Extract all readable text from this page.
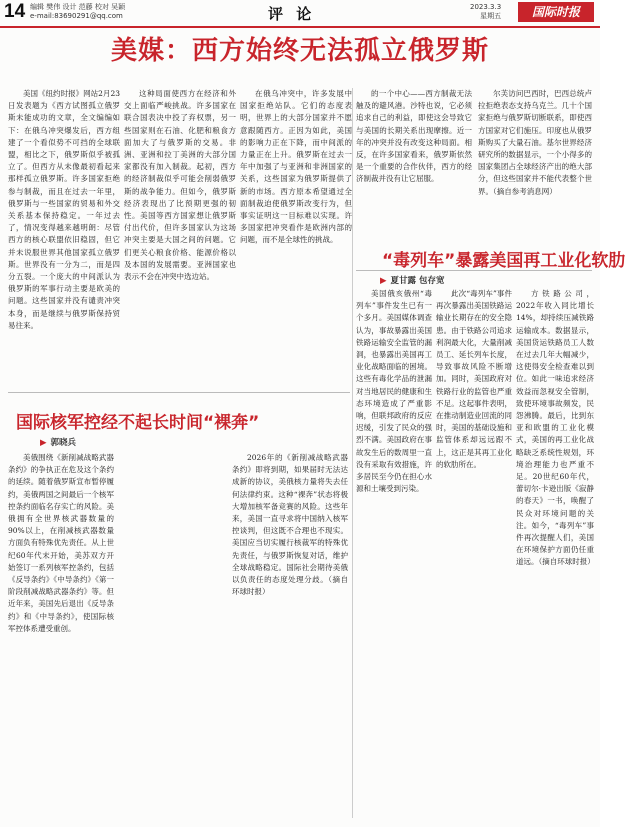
14 编辑 樊伟 设计 范藤 校对 吴颖
e-mail:83690291@qq.com	评 论	2023.3.3
星期五	国际时报
美媒：西方始终无法孤立俄罗斯

美国《纽约时报》网站2月23日发表题为《西方试图孤立俄罗斯未能成功的文章，全文编编如下：在俄乌冲突爆发后，西方组建了一个看似势不可挡的全球联盟，相比之下，俄罗斯似乎被孤立了。但西方从未像最初看起来那样孤立俄罗斯。许多国家拒绝参与制裁，而且在过去一年里，俄罗斯与一些国家的贸易和外交关系基本保持稳定。一年过去了，情况变得越来越明朗：尽管西方的核心联盟依旧稳固，但它并未说服世界其他国家孤立俄罗斯。世界没有一分为二，而是四分五裂。一个庞大的中间派认为俄罗斯的军事行动主要是欧美的问题。这些国家并没有谴责冲突本身，而是继续与俄罗斯保持贸易往来。

这种局面使西方在经济和外交上面临严峻挑战。许多国家在联合国表决中投了弃权票，另一些国家则在石油、化肥和粮食方面加大了与俄罗斯的交易。非洲、亚洲和拉丁美洲的大部分国家都没有加入制裁。起初，西方的经济制裁似乎可能会削弱俄罗斯的战争能力。但如今，俄罗斯经济表现出了比预期更强的韧性。美国等西方国家想让俄罗斯付出代价，但许多国家认为这场冲突主要是大国之间的问题。它们更关心粮食价格、能源价格以及本国的发展需要。亚洲国家也表示不会在冲突中选边站。

在俄乌冲突中，许多发展中国家拒绝站队。它们的态度表明，世界上的大部分国家并不愿意跟随西方。正因为如此，美国的影响力正在下降，而中间派的力量正在上升。俄罗斯在过去一年中加强了与亚洲和非洲国家的关系，这些国家为俄罗斯提供了新的市场。西方原本希望通过全面制裁迫使俄罗斯改变行为，但事实证明这一目标难以实现。许多国家把冲突看作是欧洲内部的问题，而不是全球性的挑战。

的一个中心——西方制裁无法触及的避风港。沙特也说，它必须追求自己的利益，即使这会导致它与美国的长期关系出现摩擦。近一年的冲突并没有改变这种局面。相反，在许多国家看来，俄罗斯依然是一个重要的合作伙伴，西方的经济制裁并没有让它屈服。

尔芙访问巴西时，巴西总统卢拉拒绝表态支持乌克兰。几十个国家拒绝与俄罗斯切断联系，即使西方国家对它们施压。印度也从俄罗斯购买了大量石油。基尔世界经济研究所的数据显示，一个小得多的国家集团占全球经济产出的绝大部分，但这些国家并不能代表整个世界。（摘自参考消息网）

“毒列车”暴露美国再工业化软肋
▶ 夏甘露 包存宽

美国俄亥俄州“毒列车”事件发生已有一个多月。美国媒体调查认为，事故暴露出美国铁路运输安全监管的漏洞，也暴露出美国再工业化战略面临的困境。这些有毒化学品的泄漏对当地居民的健康和生态环境造成了严重影响，但联邦政府的反应迟缓，引发了民众的强烈不满。美国政府在事故发生后的数周里一直没有采取有效措施，许多居民至今仍在担心水源和土壤受到污染。

此次“毒列车”事件再次暴露出美国铁路运输业长期存在的安全隐患。由于铁路公司追求利润最大化，大量削减员工、延长列车长度，导致事故风险不断增加。同时，美国政府对铁路行业的监管也严重不足。这起事件表明，在推动制造业回流的同时，美国的基础设施和监管体系却远远跟不上，这正是其再工业化的软肋所在。

方铁路公司，2022年收入同比增长14%，却持续压减铁路运输成本。数据显示，美国货运铁路员工人数在过去几年大幅减少，这使得安全检查难以到位。如此一味追求经济效益而忽视安全管制，致使环境事故频发，民怨沸腾。最后，比到东亚和欧盟的工业化模式，美国的再工业化战略缺乏系统性规划，环境治理能力也严重不足。20世纪60年代，蕾切尔·卡逊出版《寂静的春天》一书，唤醒了民众对环境问题的关注。如今，“毒列车”事件再次提醒人们，美国在环境保护方面仍任重道远。（摘自环球时报）

国际核军控经不起长时间“裸奔”
▶ 郭晓兵

美俄围绕《新削减战略武器条约》的争执正在危及这个条约的延续。随着俄罗斯宣布暂停履约，美俄两国之间最后一个核军控条约面临名存实亡的风险。美俄拥有全世界核武器数量的90%以上，在削减核武器数量方面负有特殊优先责任。从上世纪60年代末开始，美苏双方开始签订一系列核军控条约，包括《反导条约》《中导条约》《第一阶段削减战略武器条约》等。但近年来，美国先后退出《反导条约》和《中导条约》，使国际核军控体系遭受重创。

2026年的《新削减战略武器条约》即将到期，如果届时无法达成新的协议，美俄核力量将失去任何法律约束。这种“裸奔”状态将极大增加核军备竞赛的风险。这些年来，美国一直寻求将中国纳入核军控谈判，但这既不合理也不现实。美国应当切实履行核裁军的特殊优先责任，与俄罗斯恢复对话，维护全球战略稳定。国际社会期待美俄以负责任的态度处理分歧。（摘自环球时报）
